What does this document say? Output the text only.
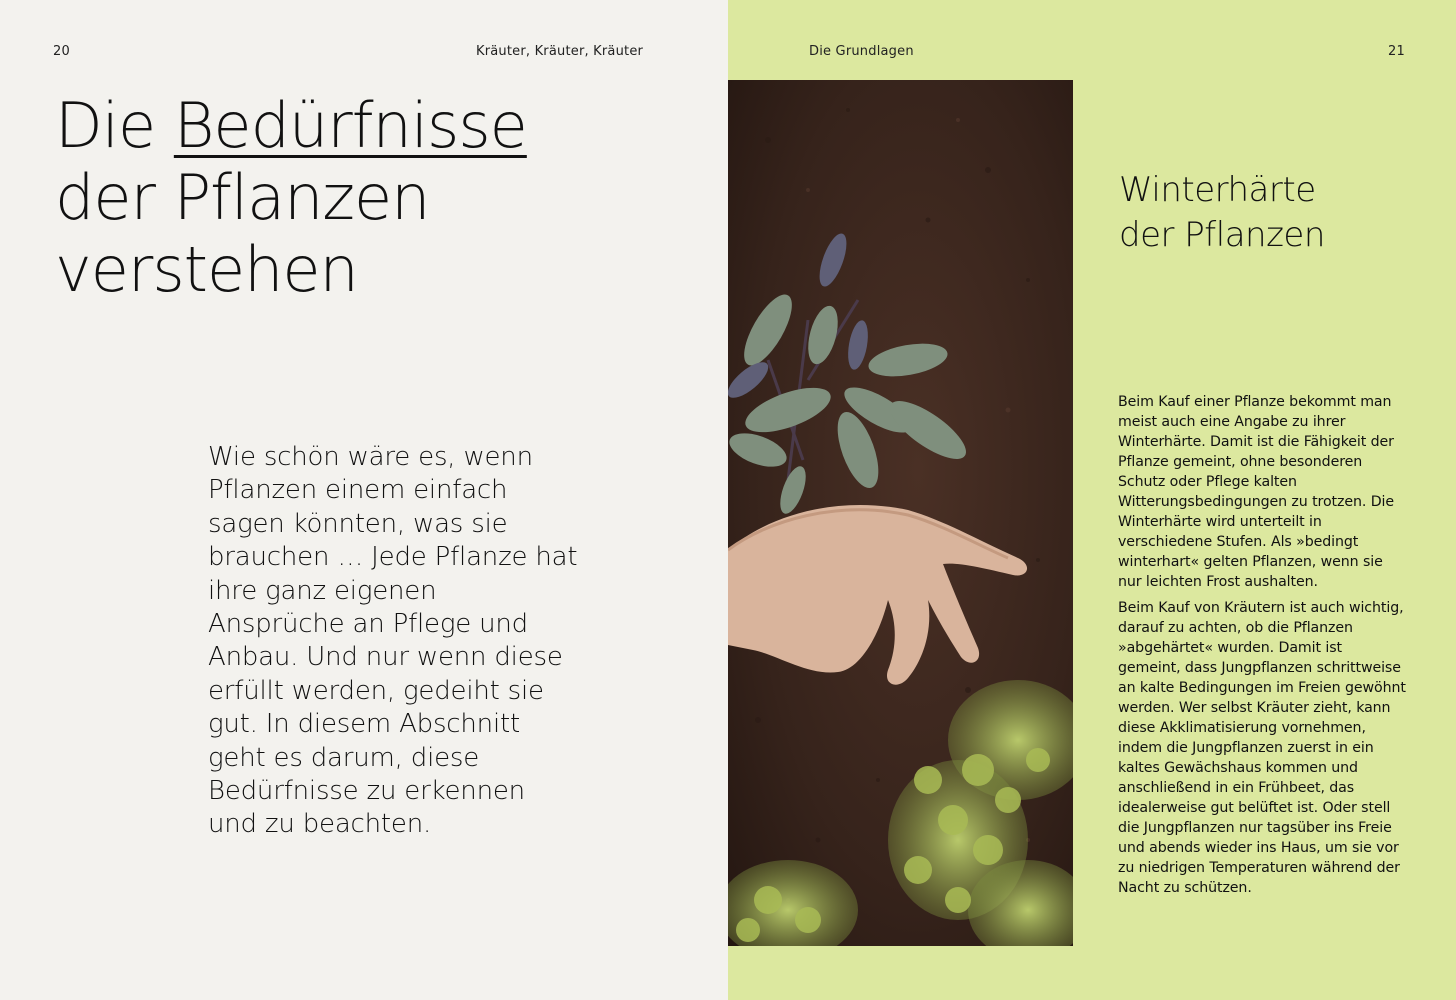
20	Kräuter, Kräuter, Kräuter
Die Bedürfnisse
der Pflanzen
verstehen

Wie schön wäre es, wenn Pflanzen einem einfach sagen könnten, was sie brauchen … Jede Pflanze hat ihre ganz eigenen Ansprüche an Pflege und Anbau. Und nur wenn diese erfüllt werden, gedeiht sie gut. In diesem Abschnitt geht es darum, diese Bedürfnisse zu erkennen und zu beachten.

Die Grundlagen	21
Winterhärte
der Pflanzen

Beim Kauf einer Pflanze bekommt man meist auch eine Angabe zu ihrer Winterhärte. Damit ist die Fähigkeit der Pflanze gemeint, ohne besonderen Schutz oder Pflege kalten Witterungsbedingungen zu trotzen. Die Winterhärte wird unterteilt in verschiedene Stufen. Als »bedingt winterhart« gelten Pflanzen, wenn sie nur leichten Frost aushalten.

Beim Kauf von Kräutern ist auch wichtig, darauf zu achten, ob die Pflanzen »abgehärtet« wurden. Damit ist gemeint, dass Jungpflanzen schrittweise an kalte Bedingungen im Freien gewöhnt werden. Wer selbst Kräuter zieht, kann diese Akklimatisierung vornehmen, indem die Jungpflanzen zuerst in ein kaltes Gewächshaus kommen und anschließend in ein Frühbeet, das idealerweise gut belüftet ist. Oder stell die Jungpflanzen nur tagsüber ins Freie und abends wieder ins Haus, um sie vor zu niedrigen Temperaturen während der Nacht zu schützen.
